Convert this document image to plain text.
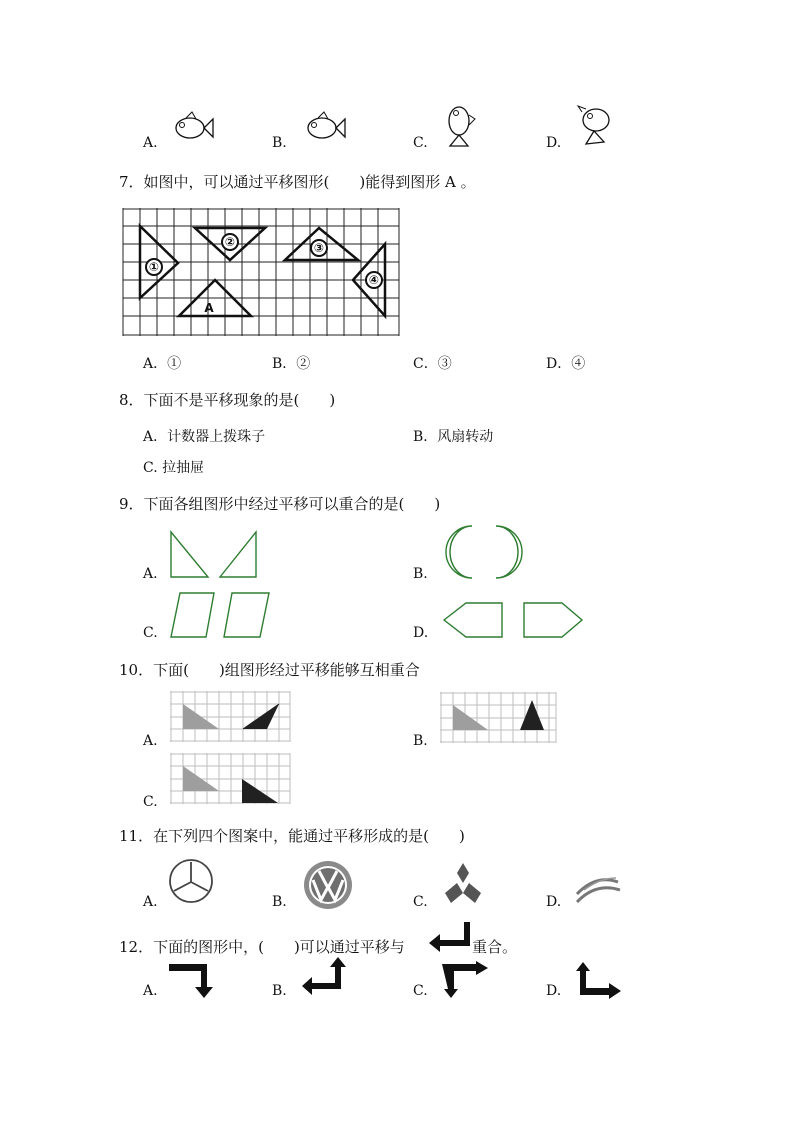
A.	B.	C.	D.
7．如图中，可以通过平移图形(　　)能得到图形 A 。
①
②	③
④
A
A．①	B．②	C．③	D．④
8．下面不是平移现象的是(　　)
A．计数器上拨珠子	B．风扇转动
C. 拉抽屉
9．下面各组图形中经过平移可以重合的是(　　)
A.	B.
C.	D.
10．下面(　　)组图形经过平移能够互相重合
A.	B.
C.
11．在下列四个图案中，能通过平移形成的是(　　)
A.	B.	C.	D.
12．下面的图形中，(　　)可以通过平移与	重合。
A.	B.	C.	D.
